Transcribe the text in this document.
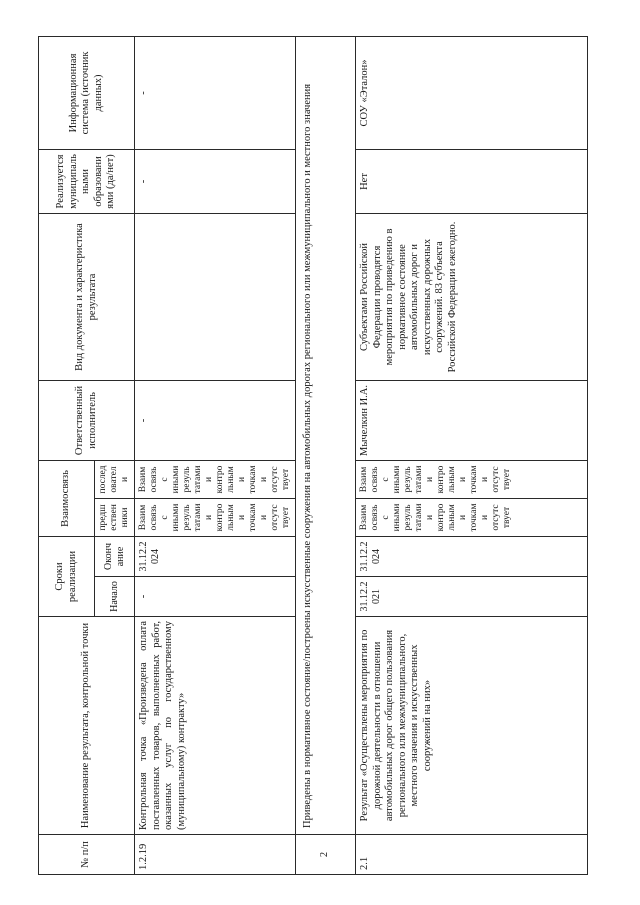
№ п/п	Наименование результата, контрольной точки	Сроки реализации		Взаимосвязь		Ответственный исполнитель	Вид документа и характеристика результата	Реализуется муниципальными образованиями (да/нет)	Информационная система (источник данных)
		Начало	Окончание	предшественники	последователи				
1.2.19	Контрольная точка «Произведена оплата поставленных товаров, выполненных работ, оказанных услуг по государственному (муниципальному) контракту»	-	31.12.2024	Взаимосвязь с иными результатами и контрольными точками отсутствует	Взаимосвязь с иными результатами и контрольными точками отсутствует	-		-	-
2	Приведены в нормативное состояние/построены искусственные сооружения на автомобильных дорогах регионального или межмуниципального и местного значения								
2.1	Результат «Осуществлены мероприятия по дорожной деятельности в отношении автомобильных дорог общего пользования регионального или межмуниципального, местного значения и искусственных сооружений на них»	31.12.2021	31.12.2024	Взаимосвязь с иными результатами и контрольными точками отсутствует	Взаимосвязь с иными результатами и контрольными точками отсутствует	Мычелкин И.А.	Субъектами Российской Федерации проводятся мероприятия по приведению в нормативное состояние автомобильных дорог и искусственных дорожных сооружений. 83 субъекта Российской Федерации ежегодно.	Нет	СОУ «Эталон»
